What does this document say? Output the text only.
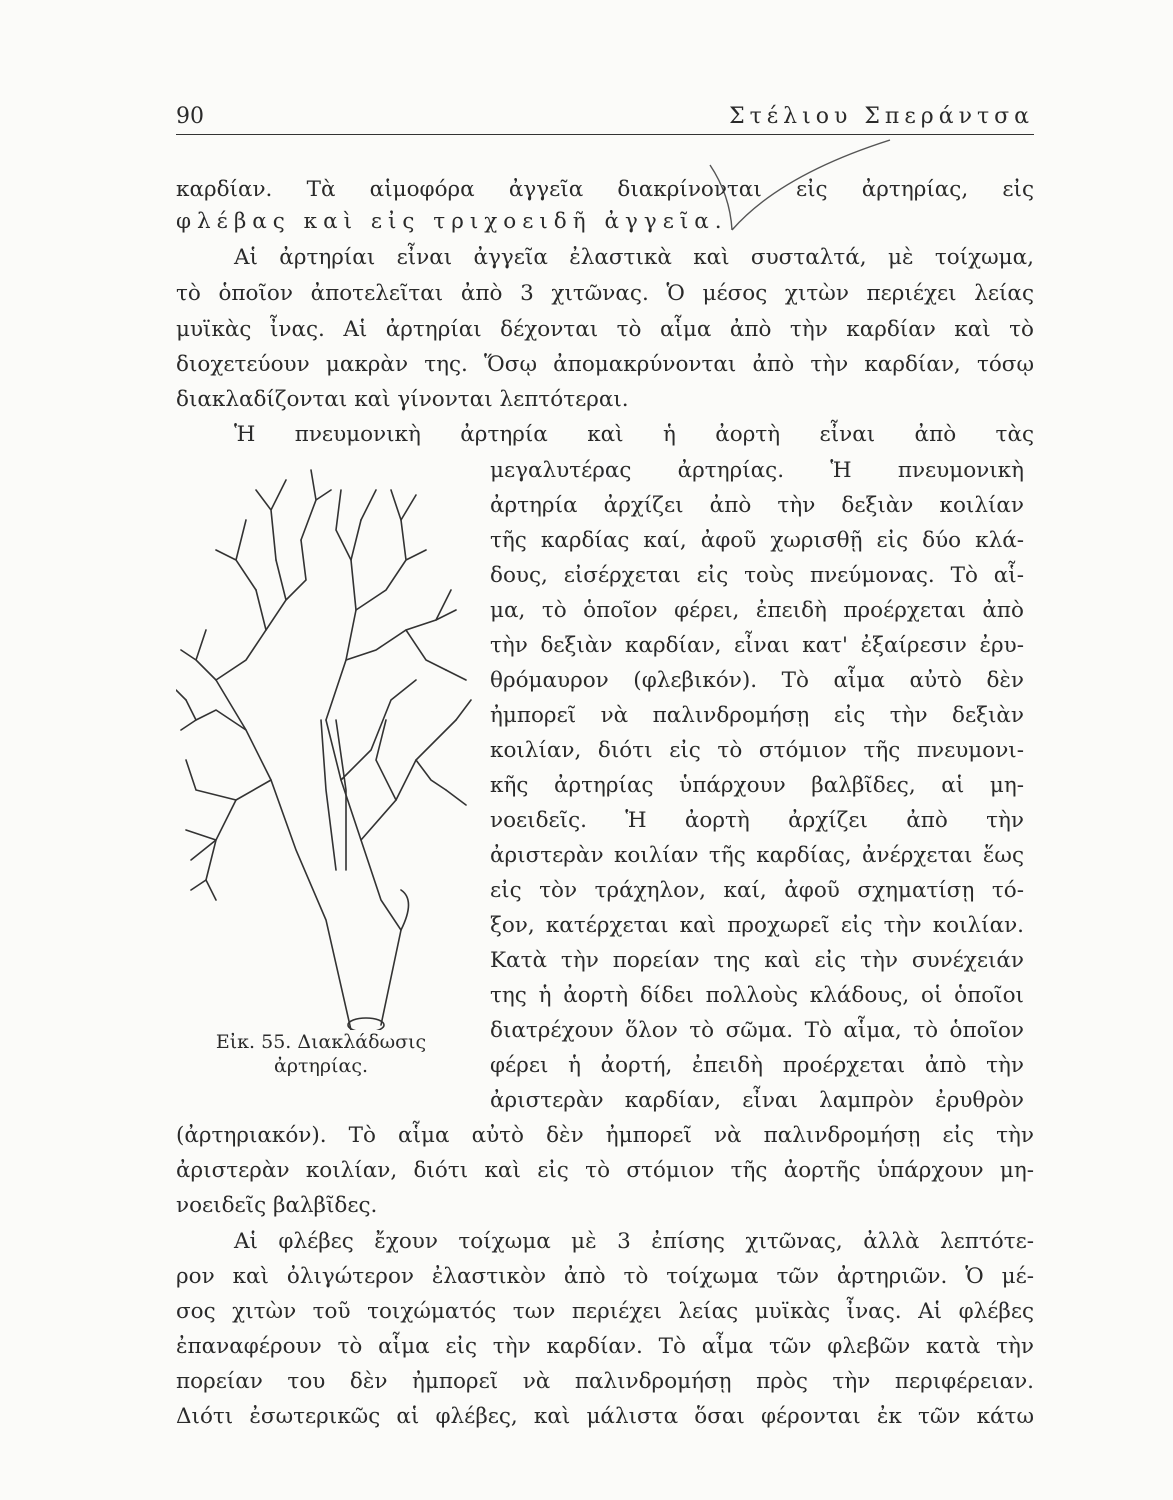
90	Στέλιου Σπεράντσα
καρδίαν. Τὰ αἱμοφόρα ἀγγεῖα διακρίνονται εἰς ἀρτηρίας, εἰς
φλέβας καὶ εἰς τριχοειδῆ ἀγγεῖα.
Αἱ ἀρτηρίαι εἶναι ἀγγεῖα ἐλαστικὰ καὶ συσταλτά, μὲ τοίχωμα,
τὸ ὁποῖον ἀποτελεῖται ἀπὸ 3 χιτῶνας. Ὁ μέσος χιτὼν περιέχει λείας
μυϊκὰς ἶνας. Αἱ ἀρτηρίαι δέχονται τὸ αἷμα ἀπὸ τὴν καρδίαν καὶ τὸ
διοχετεύουν μακρὰν της. Ὅσῳ ἀπομακρύνονται ἀπὸ τὴν καρδίαν, τόσῳ
διακλαδίζονται καὶ γίνονται λεπτότεραι.
Ἡ πνευμονικὴ ἀρτηρία καὶ ἡ ἀορτὴ εἶναι ἀπὸ τὰς
μεγαλυτέρας ἀρτηρίας. Ἡ πνευμονικὴ
ἀρτηρία ἀρχίζει ἀπὸ τὴν δεξιὰν κοιλίαν
τῆς καρδίας καί, ἀφοῦ χωρισθῇ εἰς δύο κλά-
δους, εἰσέρχεται εἰς τοὺς πνεύμονας. Τὸ αἷ-
μα, τὸ ὁποῖον φέρει, ἐπειδὴ προέρχεται ἀπὸ
τὴν δεξιὰν καρδίαν, εἶναι κατ' ἐξαίρεσιν ἐρυ-
θρόμαυρον (φλεβικόν). Τὸ αἷμα αὐτὸ δὲν
ἠμπορεῖ νὰ παλινδρομήσῃ εἰς τὴν δεξιὰν
κοιλίαν, διότι εἰς τὸ στόμιον τῆς πνευμονι-
κῆς ἀρτηρίας ὑπάρχουν βαλβῖδες, αἱ μη-
νοειδεῖς. Ἡ ἀορτὴ ἀρχίζει ἀπὸ τὴν
ἀριστερὰν κοιλίαν τῆς καρδίας, ἀνέρχεται ἕως
εἰς τὸν τράχηλον, καί, ἀφοῦ σχηματίσῃ τό-
ξον, κατέρχεται καὶ προχωρεῖ εἰς τὴν κοιλίαν.
Κατὰ τὴν πορείαν της καὶ εἰς τὴν συνέχειάν
της ἡ ἀορτὴ δίδει πολλοὺς κλάδους, οἱ ὁποῖοι
διατρέχουν ὅλον τὸ σῶμα. Τὸ αἷμα, τὸ ὁποῖον
φέρει ἡ ἀορτή, ἐπειδὴ προέρχεται ἀπὸ τὴν
ἀριστερὰν καρδίαν, εἶναι λαμπρὸν ἐρυθρὸν
(ἀρτηριακόν). Τὸ αἷμα αὐτὸ δὲν ἠμπορεῖ νὰ παλινδρομήσῃ εἰς τὴν
ἀριστερὰν κοιλίαν, διότι καὶ εἰς τὸ στόμιον τῆς ἀορτῆς ὑπάρχουν μη-
νοειδεῖς βαλβῖδες.
Αἱ φλέβες ἔχουν τοίχωμα μὲ 3 ἐπίσης χιτῶνας, ἀλλὰ λεπτότε-
ρον καὶ ὀλιγώτερον ἐλαστικὸν ἀπὸ τὸ τοίχωμα τῶν ἀρτηριῶν. Ὁ μέ-
σος χιτὼν τοῦ τοιχώματός των περιέχει λείας μυϊκὰς ἶνας. Αἱ φλέβες
ἐπαναφέρουν τὸ αἷμα εἰς τὴν καρδίαν. Τὸ αἷμα τῶν φλεβῶν κατὰ τὴν
πορείαν του δὲν ἠμπορεῖ νὰ παλινδρομήσῃ πρὸς τὴν περιφέρειαν.
Διότι ἐσωτερικῶς αἱ φλέβες, καὶ μάλιστα ὅσαι φέρονται ἐκ τῶν κάτω
Εἰκ. 55. Διακλάδωσις
ἀρτηρίας.
